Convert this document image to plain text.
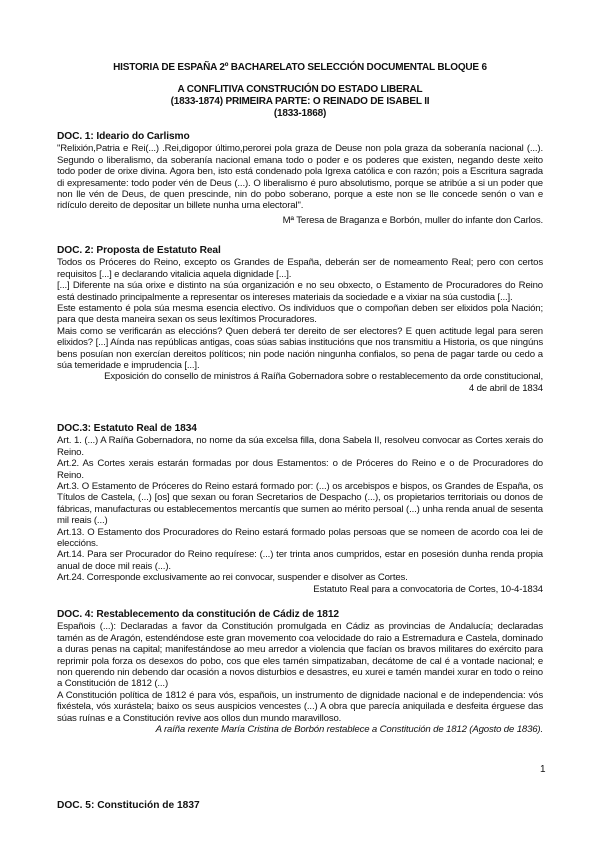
HISTORIA DE ESPAÑA 2º BACHARELATO SELECCIÓN DOCUMENTAL BLOQUE 6
A CONFLITIVA CONSTRUCIÓN DO ESTADO LIBERAL
(1833-1874) PRIMEIRA PARTE: O REINADO DE ISABEL II
(1833-1868)
DOC. 1: Ideario do Carlismo

"Relixión,Patria e Rei(...) .Rei,digopor último,perorei pola graza de Deuse non pola graza da soberanía nacional (...). Segundo o liberalismo, da soberanía nacional emana todo o poder e os poderes que existen, negando deste xeito todo poder de orixe divina. Agora ben, isto está condenado pola Igrexa católica e con razón; pois a Escritura sagrada di expresamente: todo poder vén de Deus (...). O liberalismo é puro absolutismo, porque se atribúe a si un poder que non lle vén de Deus, de quen prescinde, nin do pobo soberano, porque a este non se lle concede senón o van e ridículo dereito de depositar un billete nunha urna electoral".

Mª Teresa de Braganza e Borbón, muller do infante don Carlos.

DOC. 2: Proposta de Estatuto Real

Todos os Próceres do Reino, excepto os Grandes de España, deberán ser de nomeamento Real; pero con certos requisitos [...] e declarando vitalicia aquela dignidade [...].

[...] Diferente na súa orixe e distinto na súa organización e no seu obxecto, o Estamento de Procuradores do Reino está destinado principalmente a representar os intereses materiais da sociedade e a vixiar na súa custodia [...].

Este estamento é pola súa mesma esencia electivo. Os individuos que o compoñan deben ser elixidos pola Nación; para que desta maneira sexan os seus lexítimos Procuradores.

Mais como se verificarán as eleccións? Quen deberá ter dereito de ser electores? E quen actitude legal para seren elixidos? [...] Aínda nas repúblicas antigas, coas súas sabias institucións que nos transmitiu a Historia, os que ningúns bens posuían non exercían dereitos políticos; nin pode nación ningunha confialos, so pena de pagar tarde ou cedo a súa temeridade e imprudencia [...].

Exposición do consello de ministros á Raíña Gobernadora sobre o restablecemento da orde constitucional,

4 de abril de 1834

DOC.3: Estatuto Real de 1834

Art. 1. (...) A Raíña Gobernadora, no nome da súa excelsa filla, dona Sabela II, resolveu convocar as Cortes xerais do Reino.

Art.2. As Cortes xerais estarán formadas por dous Estamentos: o de Próceres do Reino e o de Procuradores do Reino.

Art.3. O Estamento de Próceres do Reino estará formado por: (...) os arcebispos e bispos, os Grandes de España, os Títulos de Castela, (...) [os] que sexan ou foran Secretarios de Despacho (...), os propietarios territoriais ou donos de fábricas, manufacturas ou establecementos mercantís que sumen ao mérito persoal (...) unha renda anual de sesenta mil reais (...)

Art.13. O Estamento dos Procuradores do Reino estará formado polas persoas que se nomeen de acordo coa lei de eleccións.

Art.14. Para ser Procurador do Reino requírese: (...) ter trinta anos cumpridos, estar en posesión dunha renda propia anual de doce mil reais (...).

Art.24. Corresponde exclusivamente ao rei convocar, suspender e disolver as Cortes.

Estatuto Real para a convocatoria de Cortes, 10-4-1834

DOC. 4: Restablecemento da constitución de Cádiz de 1812

Españois (...): Declaradas a favor da Constitución promulgada en Cádiz as provincias de Andalucía; declaradas tamén as de Aragón, estendéndose este gran movemento coa velocidade do raio a Estremadura e Castela, dominado a duras penas na capital; manifestándose ao meu arredor a violencia que facían os bravos militares do exército para reprimir pola forza os desexos do pobo, cos que eles tamén simpatizaban, decátome de cal é a vontade nacional; e non querendo nin debendo dar ocasión a novos disturbios e desastres, eu xurei e tamén mandei xurar en todo o reino a Constitución de 1812 (...)

A Constitución política de 1812 é para vós, españois, un instrumento de dignidade nacional e de independencia: vós fixéstela, vós xurástela; baixo os seus auspicios vencestes (...) A obra que parecía aniquilada e desfeita érguese das súas ruínas e a Constitución revive aos ollos dun mundo maravilloso.

A raíña rexente María Cristina de Borbón restablece a Constitución de 1812 (Agosto de 1836).

1
DOC. 5: Constitución de 1837
